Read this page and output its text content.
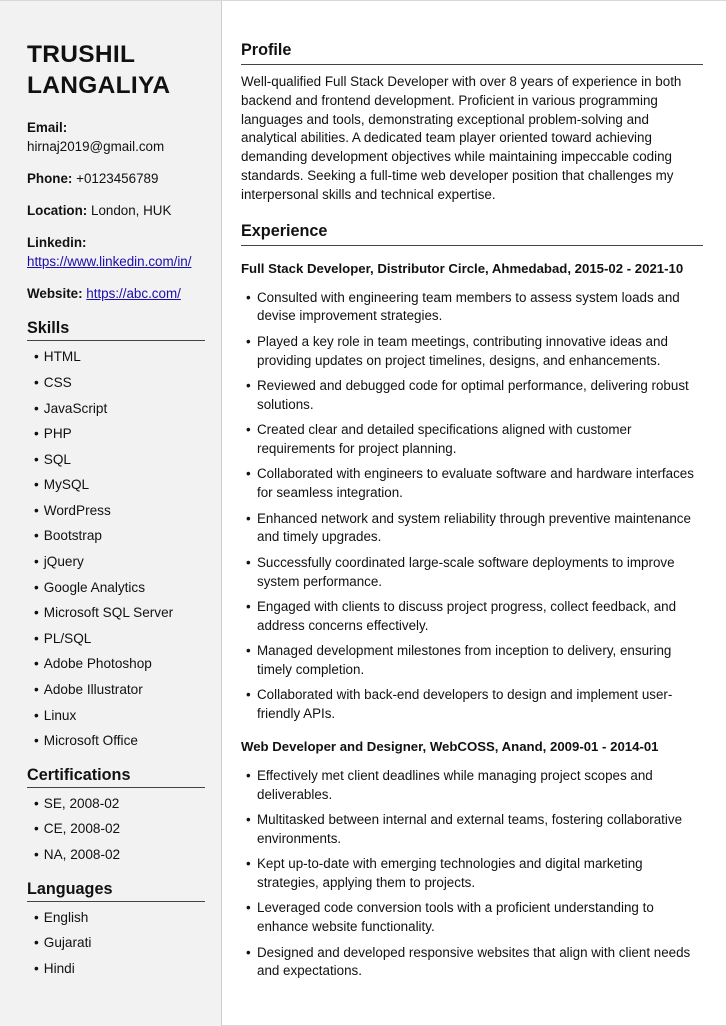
TRUSHIL
LANGALIYA
Email:
hirnaj2019@gmail.com
Phone: +0123456789
Location: London, HUK
Linkedin: https://www.linkedin.com/in/
Website: https://abc.com/
Skills
• HTML
• CSS
• JavaScript
• PHP
• SQL
• MySQL
• WordPress
• Bootstrap
• jQuery
• Google Analytics
• Microsoft SQL Server
• PL/SQL
• Adobe Photoshop
• Adobe Illustrator
• Linux
• Microsoft Office
Certifications
• SE, 2008-02
• CE, 2008-02
• NA, 2008-02
Languages
• English
• Gujarati
• Hindi
Profile

Well-qualified Full Stack Developer with over 8 years of experience in both backend and frontend development. Proficient in various programming languages and tools, demonstrating exceptional problem-solving and analytical abilities. A dedicated team player oriented toward achieving demanding development objectives while maintaining impeccable coding standards. Seeking a full-time web developer position that challenges my interpersonal skills and technical expertise.

Experience
Full Stack Developer, Distributor Circle, Ahmedabad, 2015-02 - 2021-10
• Consulted with engineering team members to assess system loads and devise improvement strategies.
• Played a key role in team meetings, contributing innovative ideas and providing updates on project timelines, designs, and enhancements.
• Reviewed and debugged code for optimal performance, delivering robust solutions.
• Created clear and detailed specifications aligned with customer requirements for project planning.
• Collaborated with engineers to evaluate software and hardware interfaces for seamless integration.
• Enhanced network and system reliability through preventive maintenance and timely upgrades.
• Successfully coordinated large-scale software deployments to improve system performance.
• Engaged with clients to discuss project progress, collect feedback, and address concerns effectively.
• Managed development milestones from inception to delivery, ensuring timely completion.
• Collaborated with back-end developers to design and implement user-friendly APIs.
Web Developer and Designer, WebCOSS, Anand, 2009-01 - 2014-01
• Effectively met client deadlines while managing project scopes and deliverables.
• Multitasked between internal and external teams, fostering collaborative environments.
• Kept up-to-date with emerging technologies and digital marketing strategies, applying them to projects.
• Leveraged code conversion tools with a proficient understanding to enhance website functionality.
• Designed and developed responsive websites that align with client needs and expectations.
